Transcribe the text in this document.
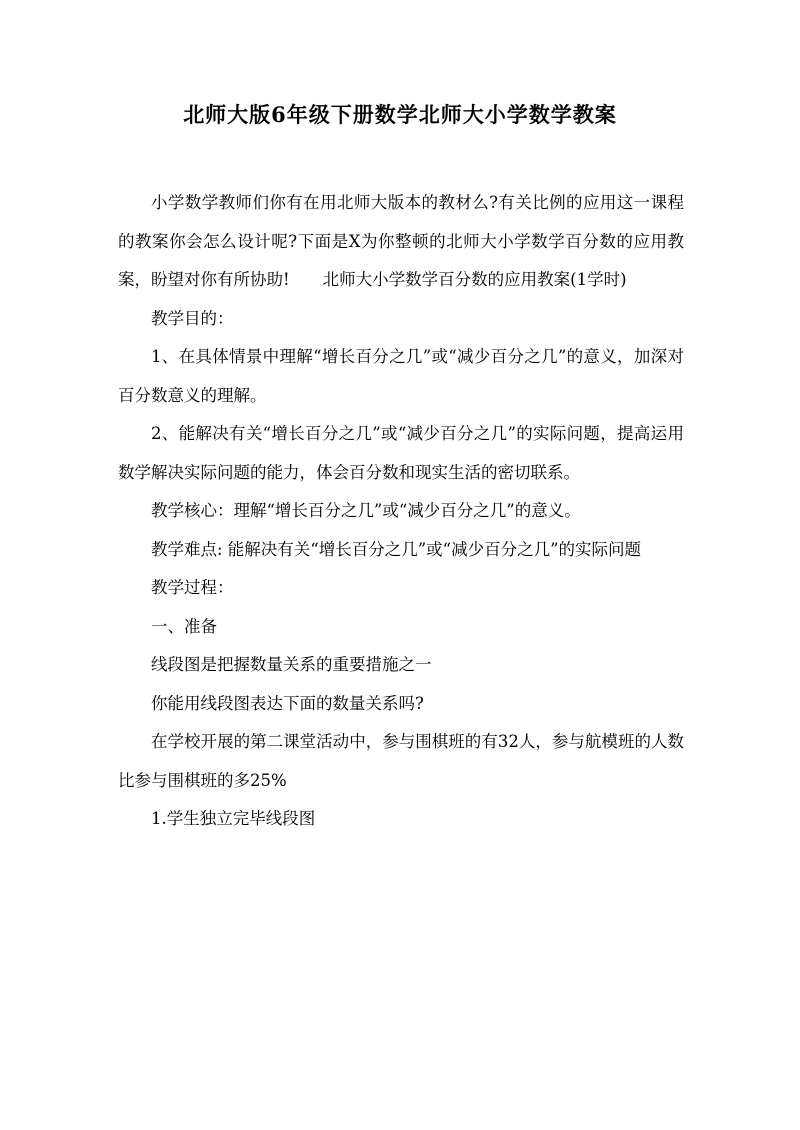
北师大版6年级下册数学北师大小学数学教案

小学数学教师们你有在用北师大版本的教材么?有关比例的应用这一课程的教案你会怎么设计呢?下面是X为你整顿的北师大小学数学百分数的应用教案，盼望对你有所协助!　　北师大小学数学百分数的应用教案(1学时)

教学目的：

1、在具体情景中理解“增长百分之几”或“减少百分之几”的意义，加深对百分数意义的理解。

2、能解决有关“增长百分之几”或“减少百分之几”的实际问题，提高运用数学解决实际问题的能力，体会百分数和现实生活的密切联系。

教学核心：理解“增长百分之几”或“减少百分之几”的意义。

教学难点: 能解决有关“增长百分之几”或“减少百分之几”的实际问题

教学过程：

一、准备

线段图是把握数量关系的重要措施之一

你能用线段图表达下面的数量关系吗?

在学校开展的第二课堂活动中，参与围棋班的有32人，参与航模班的人数比参与围棋班的多25%

1.学生独立完毕线段图
